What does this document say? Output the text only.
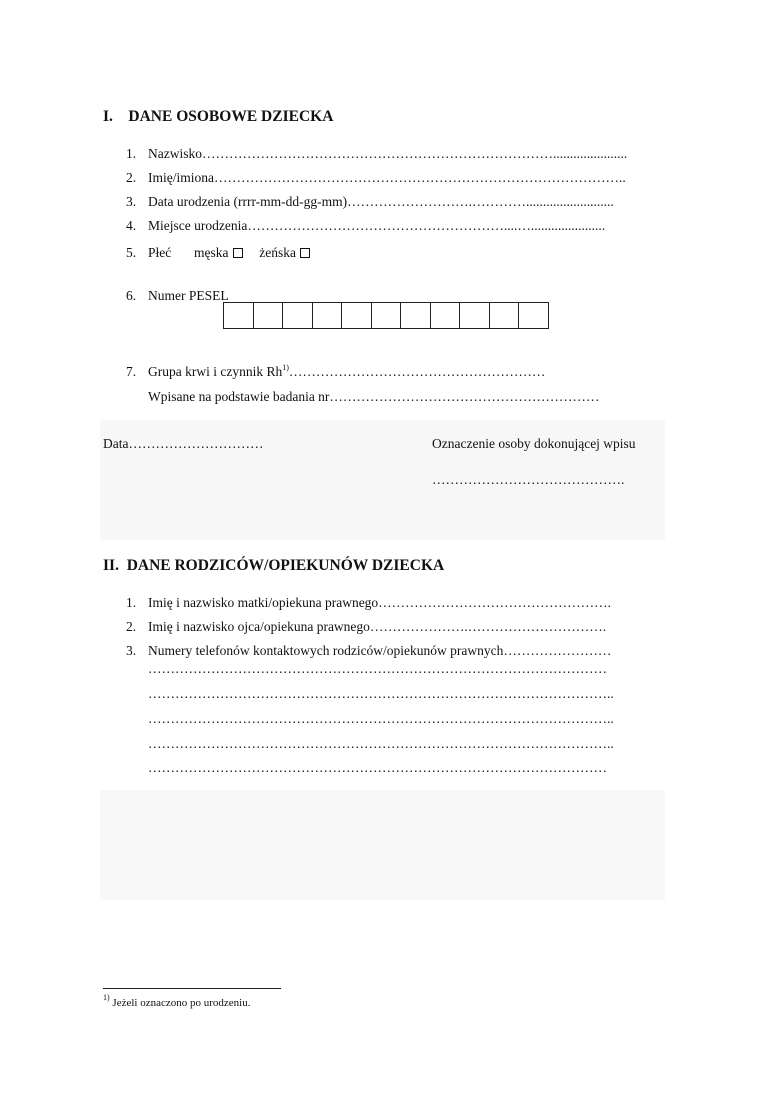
I.    DANE OSOBOWE DZIECKA
1. Nazwisko……………………………………………………………………......................
2. Imię/imiona………………………………………………………………………………..
3. Data urodzenia (rrrr-mm-dd-gg-mm)……………………….…………..........................
4. Miejsce urodzenia…………………………………………………....…......................
5. Płeć męska żeńska
6. Numer PESEL
7. Grupa krwi i czynnik Rh$^{1)}$…………………………………………………
Wpisane na podstawie badania nr……………………………………………………
Data…………………………	Oznaczenie osoby dokonującej wpisu
…………………………………….
II.  DANE RODZICÓW/OPIEKUNÓW DZIECKA
1. Imię i nazwisko matki/opiekuna prawnego…………………………………………….
2. Imię i nazwisko ojca/opiekuna prawnego………………….………………………….
3. Numery telefonów kontaktowych rodziców/opiekunów prawnych……………………
…………………………………………………………………………………………
…………………………………………………………………………………………..
…………………………………………………………………………………………..
…………………………………………………………………………………………..
…………………………………………………………………………………………
$^{1)}$ Jeżeli oznaczono po urodzeniu.
